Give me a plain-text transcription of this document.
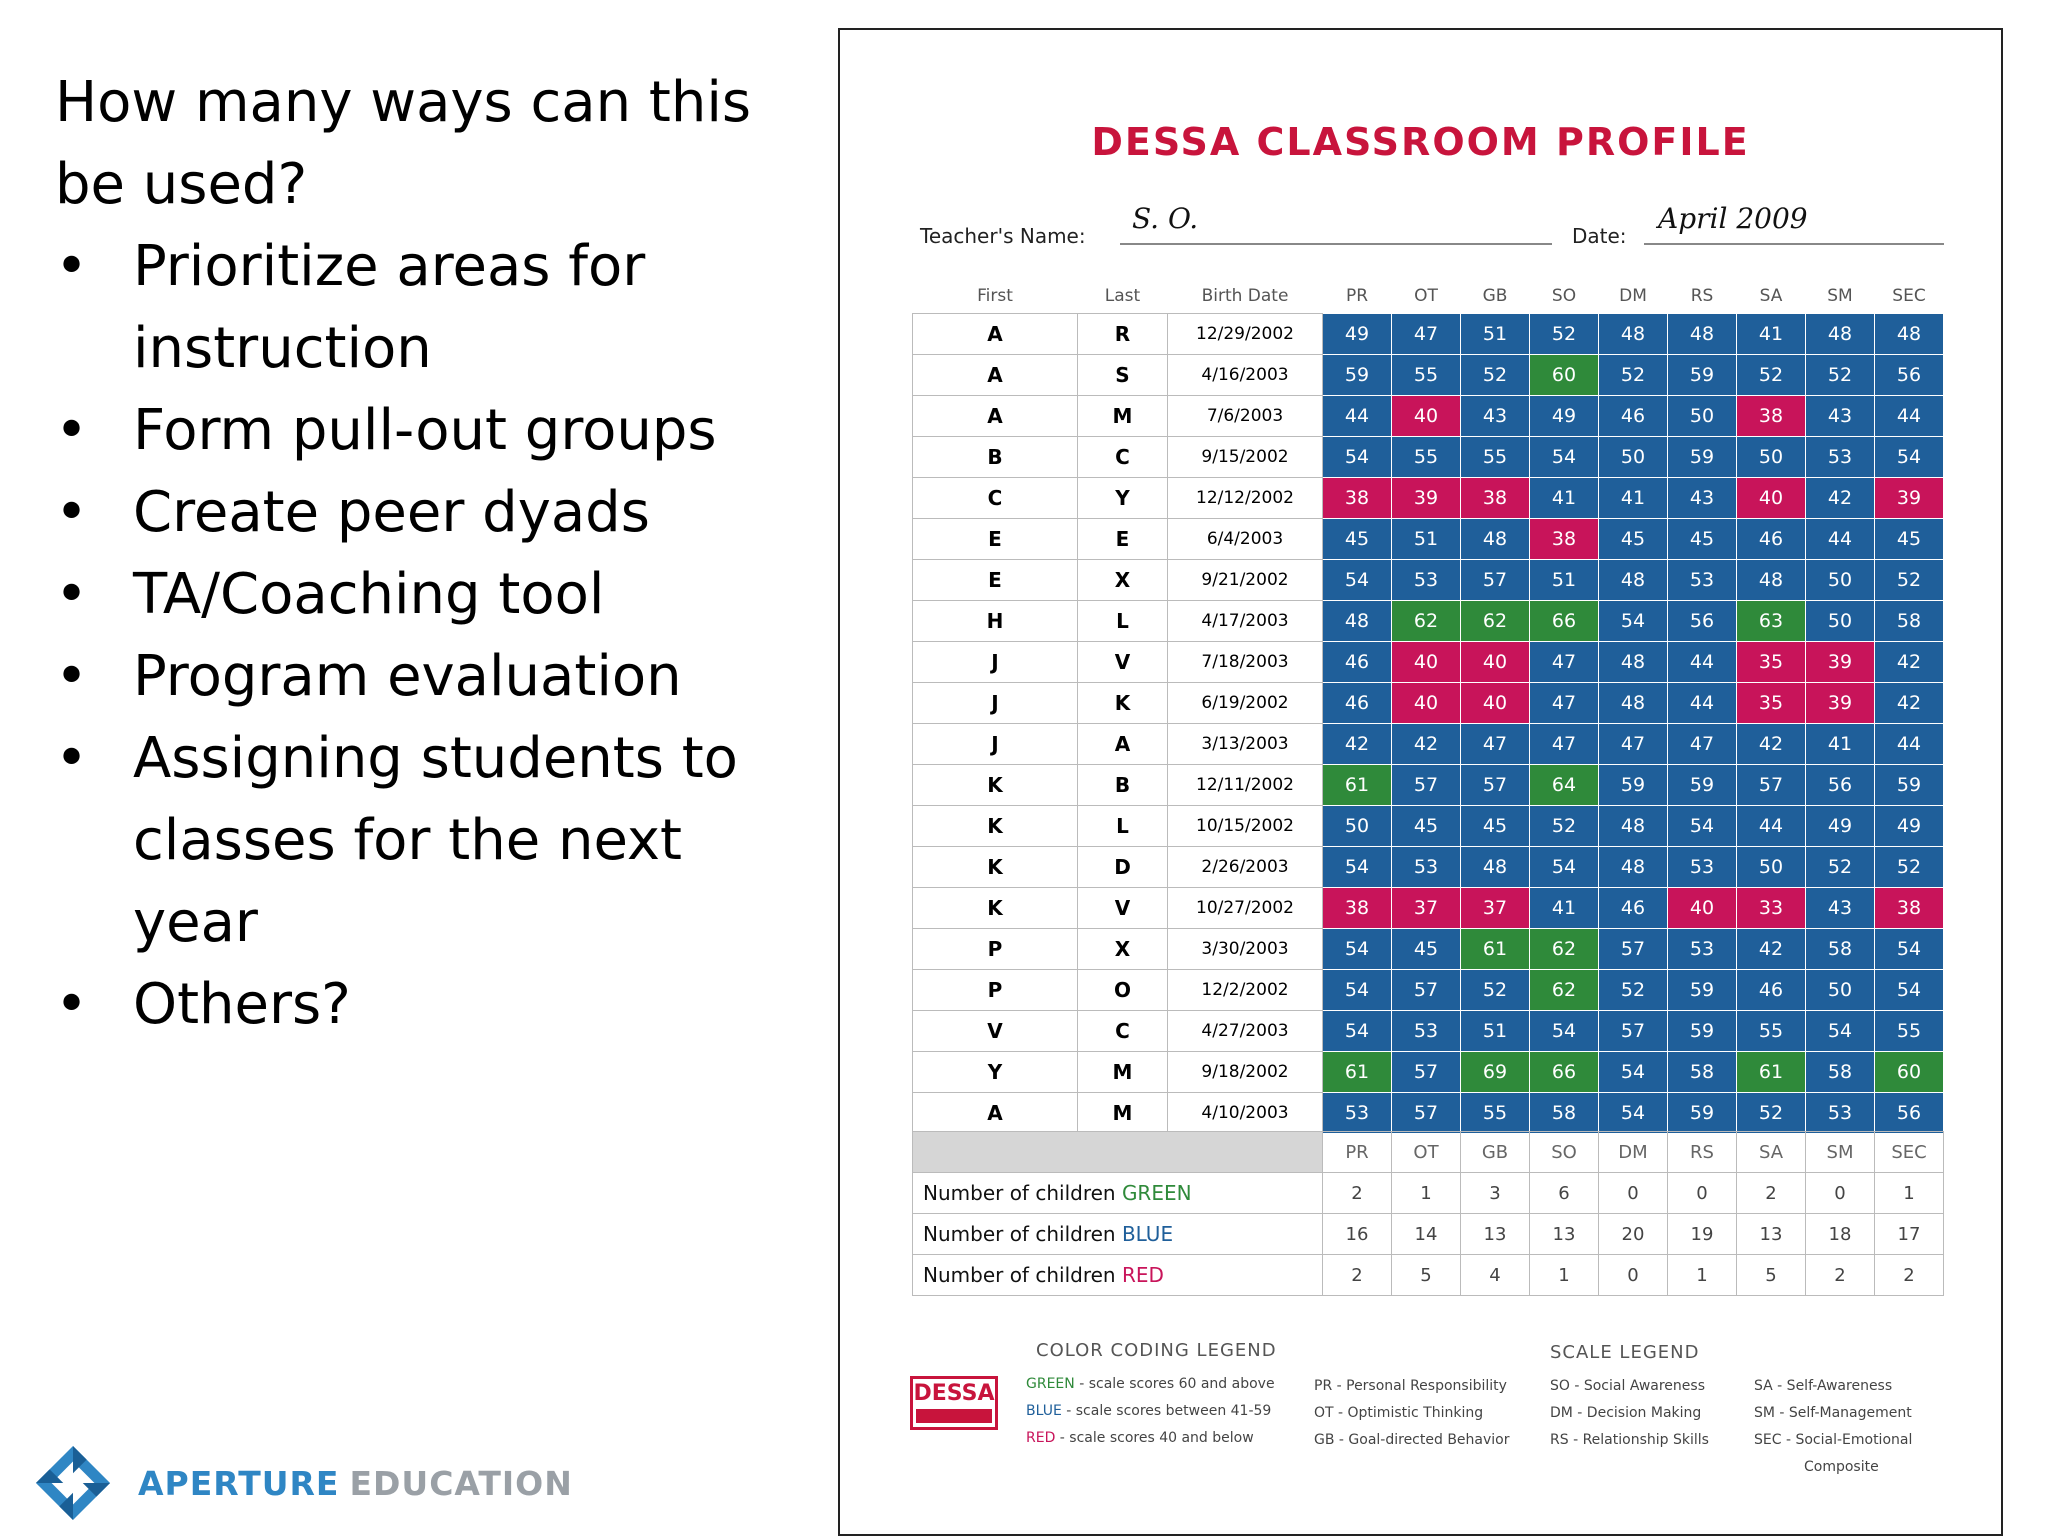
How many ways can this be used?

• Prioritize areas for instruction
• Form pull-out groups
• Create peer dyads
• TA/Coaching tool
• Program evaluation
• Assigning students to classes for the next year
• Others?
APERTURE EDUCATION
DESSA CLASSROOM PROFILE
Teacher's Name:
S. O.
Date:
April 2009
First	Last	Birth Date	PR	OT	GB	SO	DM	RS	SA	SM	SEC
A	R	12/29/2002	49	47	51	52	48	48	41	48	48
A	S	4/16/2003	59	55	52	60	52	59	52	52	56
A	M	7/6/2003	44	40	43	49	46	50	38	43	44
B	C	9/15/2002	54	55	55	54	50	59	50	53	54
C	Y	12/12/2002	38	39	38	41	41	43	40	42	39
E	E	6/4/2003	45	51	48	38	45	45	46	44	45
E	X	9/21/2002	54	53	57	51	48	53	48	50	52
H	L	4/17/2003	48	62	62	66	54	56	63	50	58
J	V	7/18/2003	46	40	40	47	48	44	35	39	42
J	K	6/19/2002	46	40	40	47	48	44	35	39	42
J	A	3/13/2003	42	42	47	47	47	47	42	41	44
K	B	12/11/2002	61	57	57	64	59	59	57	56	59
K	L	10/15/2002	50	45	45	52	48	54	44	49	49
K	D	2/26/2003	54	53	48	54	48	53	50	52	52
K	V	10/27/2002	38	37	37	41	46	40	33	43	38
P	X	3/30/2003	54	45	61	62	57	53	42	58	54
P	O	12/2/2002	54	57	52	62	52	59	46	50	54
V	C	4/27/2003	54	53	51	54	57	59	55	54	55
Y	M	9/18/2002	61	57	69	66	54	58	61	58	60
A	M	4/10/2003	53	57	55	58	54	59	52	53	56
	PR	OT	GB	SO	DM	RS	SA	SM	SEC
Number of children GREEN	2	1	3	6	0	0	2	0	1
Number of children BLUE	16	14	13	13	20	19	13	18	17
Number of children RED	2	5	4	1	0	1	5	2	2
DESSA
COLOR CODING LEGEND
GREEN - scale scores 60 and above
BLUE - scale scores between 41-59
RED - scale scores 40 and below
SCALE LEGEND
PR - Personal Responsibility
OT - Optimistic Thinking
GB - Goal-directed Behavior
SO - Social Awareness
DM - Decision Making
RS - Relationship Skills
SA - Self-Awareness
SM - Self-Management
SEC - Social-Emotional
Composite
